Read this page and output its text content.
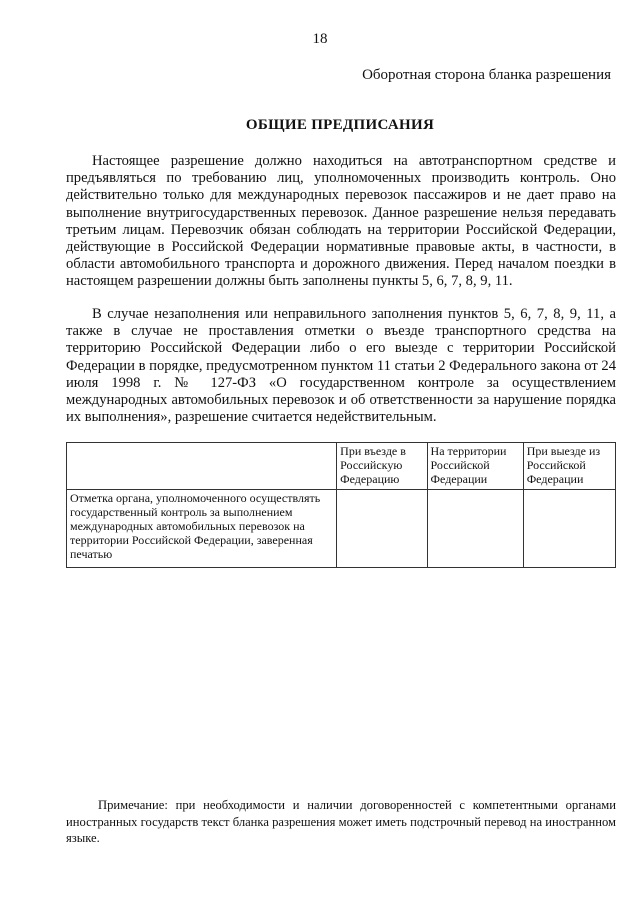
18
Оборотная сторона бланка разрешения
ОБЩИЕ ПРЕДПИСАНИЯ

Настоящее разрешение должно находиться на автотранспортном средстве и предъявляться по требованию лиц, уполномоченных производить контроль. Оно действительно только для международных перевозок пассажиров и не дает право на выполнение внутригосударственных перевозок. Данное разрешение нельзя передавать третьим лицам. Перевозчик обязан соблюдать на территории Российской Федерации, действующие в Российской Федерации нормативные правовые акты, в частности, в области автомобильного транспорта и дорожного движения. Перед началом поездки в настоящем разрешении должны быть заполнены пункты 5, 6, 7, 8, 9, 11.

В случае незаполнения или неправильного заполнения пунктов 5, 6, 7, 8, 9, 11, а также в случае не проставления отметки о въезде транспортного средства на территорию Российской Федерации либо о его выезде с территории Российской Федерации в порядке, предусмотренном пунктом 11 статьи 2 Федерального закона от 24 июля 1998 г. № 127-ФЗ «О государственном контроле за осуществлением международных автомобильных перевозок и об ответственности за нарушение порядка их выполнения», разрешение считается недействительным.

	При въезде в Российскую Федерацию	На территории Российской Федерации	При выезде из Российской Федерации
Отметка органа, уполномоченного осуществлять государственный контроль за выполнением международных автомобильных перевозок на территории Российской Федерации, заверенная печатью			

Примечание: при необходимости и наличии договоренностей с компетентными органами иностранных государств текст бланка разрешения может иметь подстрочный перевод на иностранном языке.
